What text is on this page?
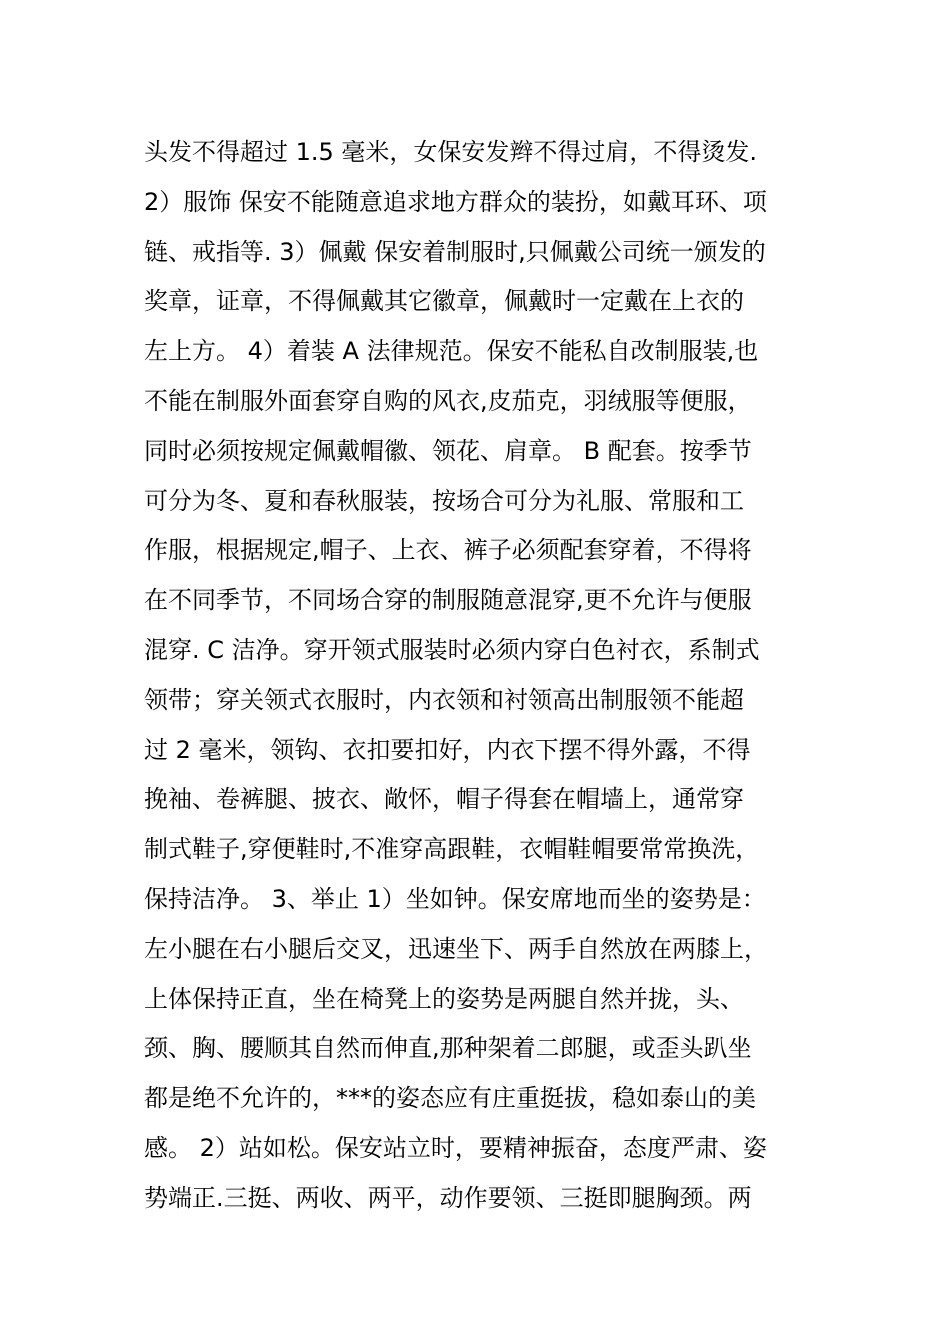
头发不得超过 1.5 毫米，女保安发辫不得过肩，不得烫发.
2）服饰 保安不能随意追求地方群众的装扮，如戴耳环、项
链、戒指等. 3）佩戴 保安着制服时,只佩戴公司统一颁发的
奖章，证章，不得佩戴其它徽章，佩戴时一定戴在上衣的
左上方。 4）着装 A 法律规范。保安不能私自改制服装,也
不能在制服外面套穿自购的风衣,皮茄克，羽绒服等便服，
同时必须按规定佩戴帽徽、领花、肩章。 B 配套。按季节
可分为冬、夏和春秋服装，按场合可分为礼服、常服和工
作服，根据规定,帽子、上衣、裤子必须配套穿着，不得将
在不同季节，不同场合穿的制服随意混穿,更不允许与便服
混穿. C 洁净。穿开领式服装时必须内穿白色衬衣，系制式
领带；穿关领式衣服时，内衣领和衬领高出制服领不能超
过 2 毫米，领钩、衣扣要扣好，内衣下摆不得外露，不得
挽袖、卷裤腿、披衣、敞怀，帽子得套在帽墙上，通常穿
制式鞋子,穿便鞋时,不准穿高跟鞋，衣帽鞋帽要常常换洗，
保持洁净。 3、举止 1）坐如钟。保安席地而坐的姿势是：
左小腿在右小腿后交叉，迅速坐下、两手自然放在两膝上，
上体保持正直，坐在椅凳上的姿势是两腿自然并拢，头、
颈、胸、腰顺其自然而伸直,那种架着二郎腿，或歪头趴坐
都是绝不允许的，***的姿态应有庄重挺拔，稳如泰山的美
感。 2）站如松。保安站立时，要精神振奋，态度严肃、姿
势端正.三挺、两收、两平，动作要领、三挺即腿胸颈。两
